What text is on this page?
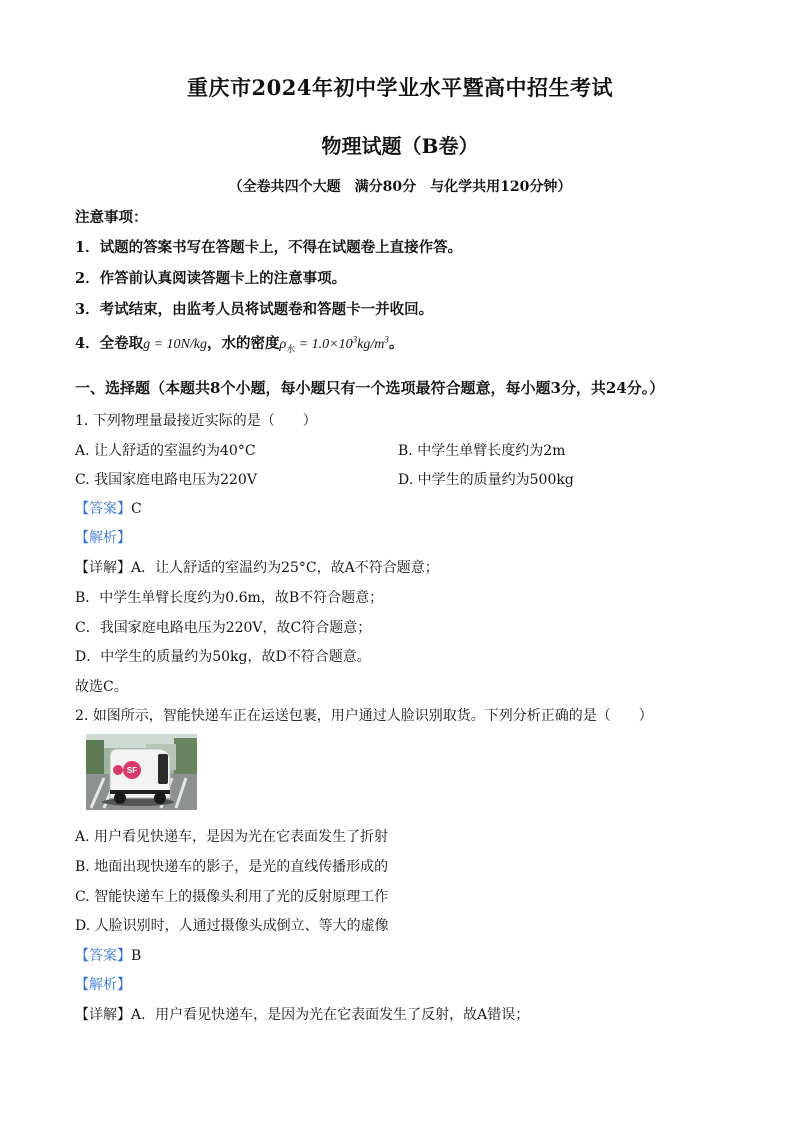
重庆市2024年初中学业水平暨高中招生考试
物理试题（B卷）
（全卷共四个大题　满分80分　与化学共用120分钟）
注意事项：
1．试题的答案书写在答题卡上，不得在试题卷上直接作答。
2．作答前认真阅读答题卡上的注意事项。
3．考试结束，由监考人员将试题卷和答题卡一并收回。
4．全卷取g = 10N/kg，水的密度$\rho_水 = 1.0\times 10^3kg/m^3$。
一、选择题（本题共8个小题，每小题只有一个选项最符合题意，每小题3分，共24分。）
1. 下列物理量最接近实际的是（　　）
A. 让人舒适的室温约为40°C	B. 中学生单臂长度约为2m
C. 我国家庭电路电压为220V	D. 中学生的质量约为500kg
【答案】C
【解析】
【详解】A．让人舒适的室温约为25°C，故A不符合题意；
B．中学生单臂长度约为0.6m，故B不符合题意；
C．我国家庭电路电压为220V，故C符合题意；
D．中学生的质量约为50kg，故D不符合题意。
故选C。
2. 如图所示，智能快递车正在运送包裹，用户通过人脸识别取货。下列分析正确的是（　　）
SF
A. 用户看见快递车，是因为光在它表面发生了折射
B. 地面出现快递车的影子，是光的直线传播形成的
C. 智能快递车上的摄像头利用了光的反射原理工作
D. 人脸识别时，人通过摄像头成倒立、等大的虚像
【答案】B
【解析】
【详解】A．用户看见快递车，是因为光在它表面发生了反射，故A错误；
